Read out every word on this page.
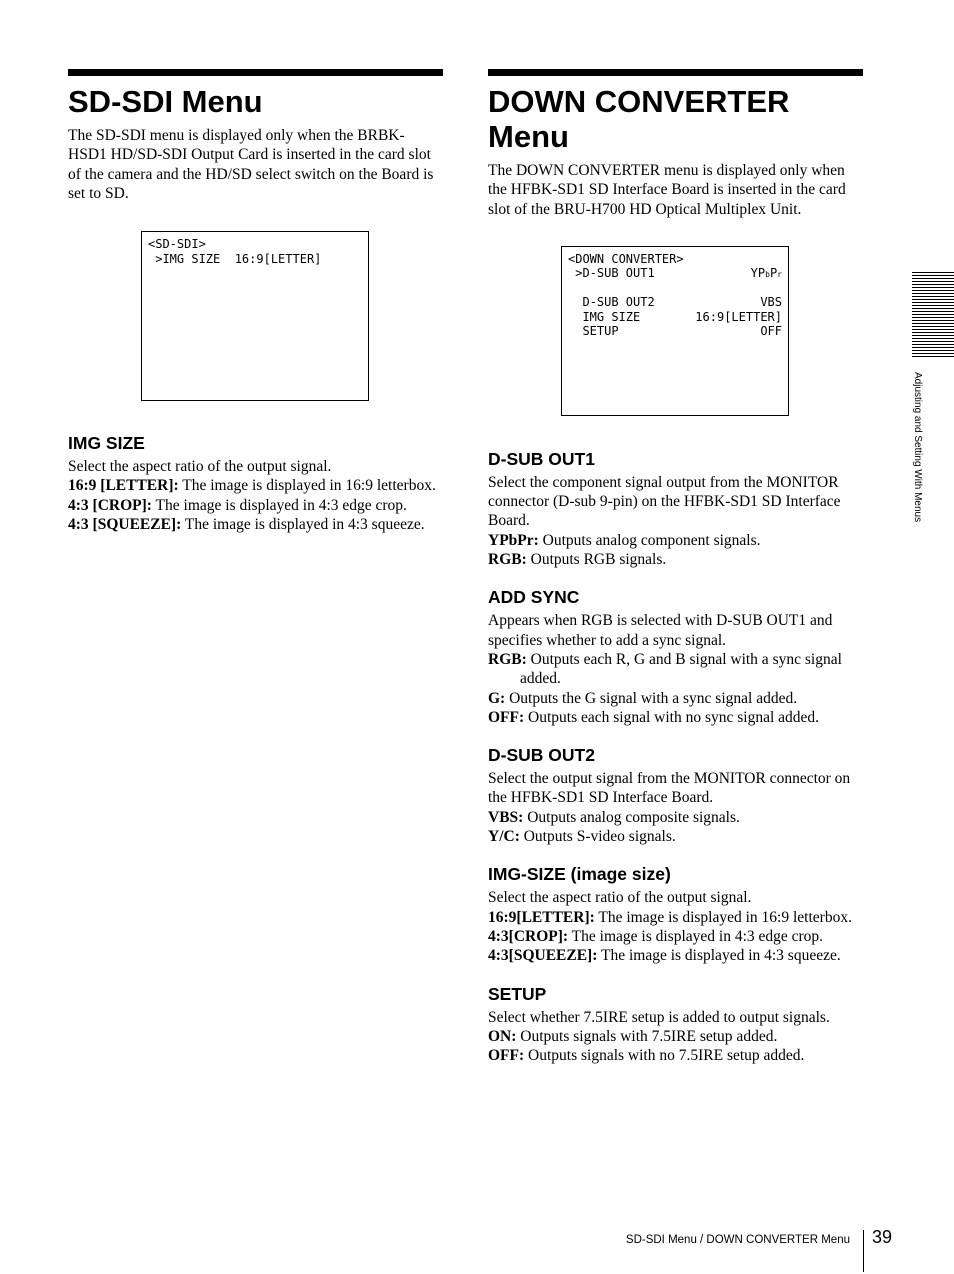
SD-SDI Menu

The SD-SDI menu is displayed only when the BRBK-HSD1 HD/SD-SDI Output Card is inserted in the card slot of the camera and the HD/SD select switch on the Board is set to SD.

<SD-SDI>
>IMG SIZE  16:9[LETTER]
IMG SIZE

Select the aspect ratio of the output signal.

16:9 [LETTER]: The image is displayed in 16:9 letterbox.
4:3 [CROP]: The image is displayed in 4:3 edge crop.
4:3 [SQUEEZE]: The image is displayed in 4:3 squeeze.
DOWN CONVERTER Menu

The DOWN CONVERTER menu is displayed only when the HFBK-SD1 SD Interface Board is inserted in the card slot of the BRU-H700 HD Optical Multiplex Unit.

<DOWN CONVERTER>
>D-SUB OUT1	YPbPr
D-SUB OUT2	VBS
IMG SIZE	16:9[LETTER]
SETUP	OFF
D-SUB OUT1

Select the component signal output from the MONITOR connector (D-sub 9-pin) on the HFBK-SD1 SD Interface Board.

YPbPr: Outputs analog component signals.
RGB: Outputs RGB signals.
ADD SYNC

Appears when RGB is selected with D-SUB OUT1 and specifies whether to add a sync signal.

RGB: Outputs each R, G and B signal with a sync signal added.
G: Outputs the G signal with a sync signal added.
OFF: Outputs each signal with no sync signal added.
D-SUB OUT2

Select the output signal from the MONITOR connector on the HFBK-SD1 SD Interface Board.

VBS: Outputs analog composite signals.
Y/C: Outputs S-video signals.
IMG-SIZE (image size)

Select the aspect ratio of the output signal.

16:9[LETTER]: The image is displayed in 16:9 letterbox.
4:3[CROP]: The image is displayed in 4:3 edge crop.
4:3[SQUEEZE]: The image is displayed in 4:3 squeeze.
SETUP

Select whether 7.5IRE setup is added to output signals.

ON: Outputs signals with 7.5IRE setup added.
OFF: Outputs signals with no 7.5IRE setup added.
Adjusting and Setting With Menus
SD-SDI Menu / DOWN CONVERTER Menu 39
